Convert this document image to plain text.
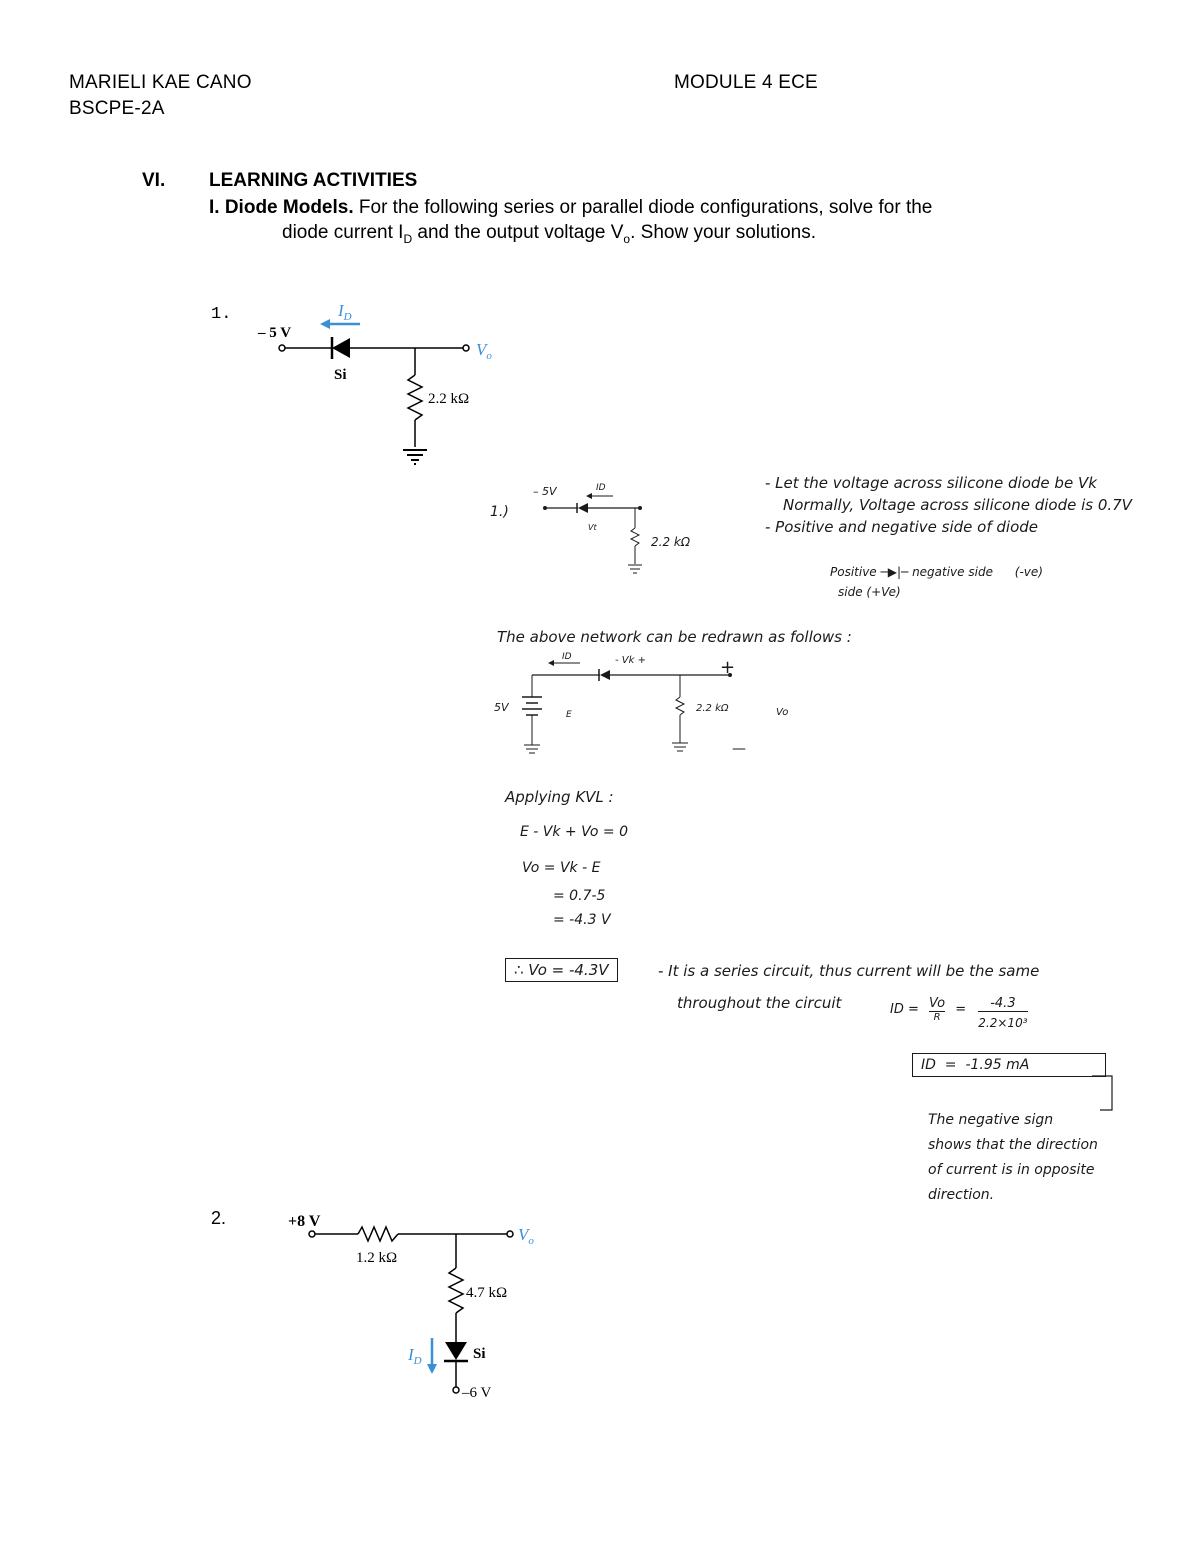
MARIELI KAE CANO
BSCPE-2A
MODULE 4 ECE
VI. LEARNING ACTIVITIES
I. Diode Models. For the following series or parallel diode configurations, solve for the
diode current $I_D$ and the output voltage $V_o$. Show your solutions.
1.
– 5 V
$V_o$
$I_D$
Si
2.2 kΩ
1.)
– 5V	ID
Vt
2.2 kΩ
- Let the voltage across silicone diode be Vk
Normally, Voltage across silicone diode is 0.7V
- Positive and negative side of diode
Positive ─▶|─ negative side (-ve)
side (+Ve)
The above network can be redrawn as follows :
ID	- Vk +	+
5V
E
2.2 kΩ	Vo
—
Applying KVL :
E - Vk + Vo = 0
Vo = Vk - E
= 0.7-5
= -4.3 V
∴ Vo = -4.3V	- It is a series circuit, thus current will be the same
throughout the circuit	ID = Vo
R
= $\frac{-4.3}{\text{2.2×10³}}$
ID  =  -1.95 mA
The negative sign
shows that the direction
of current is in opposite
direction.
2.	+8 V
1.2 kΩ
$V_o$
4.7 kΩ
Si
–6 V
$I_D$
